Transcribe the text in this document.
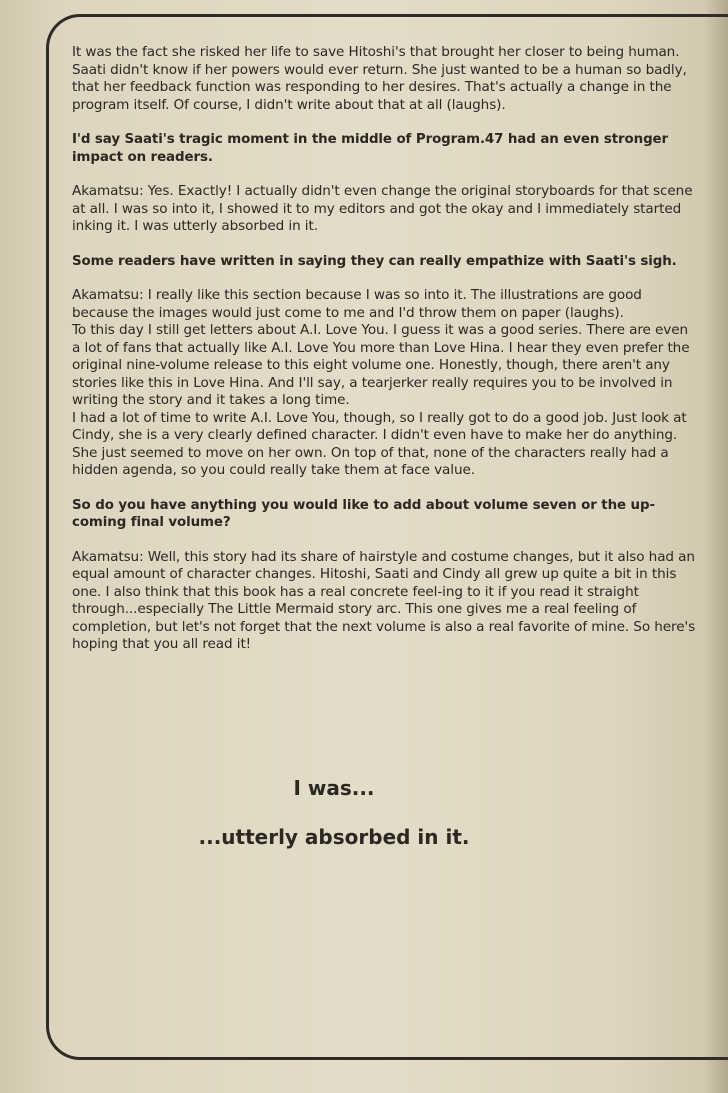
It was the fact she risked her life to save Hitoshi's that brought her closer to being human. Saati didn't know if her powers would ever return. She just wanted to be a human so badly, that her feedback function was responding to her desires. That's actually a change in the program itself. Of course, I didn't write about that at all (laughs).

I'd say Saati's tragic moment in the middle of Program.47 had an even stronger impact on readers.

Akamatsu: Yes. Exactly! I actually didn't even change the original storyboards for that scene at all. I was so into it, I showed it to my editors and got the okay and I immediately started inking it. I was utterly absorbed in it.

Some readers have written in saying they can really empathize with Saati's sigh.

Akamatsu: I really like this section because I was so into it. The illustrations are good because the images would just come to me and I'd throw them on paper (laughs).
To this day I still get letters about A.I. Love You. I guess it was a good series. There are even a lot of fans that actually like A.I. Love You more than Love Hina. I hear they even prefer the original nine-volume release to this eight volume one. Honestly, though, there aren't any stories like this in Love Hina. And I'll say, a tearjerker really requires you to be involved in writing the story and it takes a long time.
I had a lot of time to write A.I. Love You, though, so I really got to do a good job. Just look at Cindy, she is a very clearly defined character. I didn't even have to make her do anything. She just seemed to move on her own. On top of that, none of the characters really had a hidden agenda, so you could really take them at face value.

So do you have anything you would like to add about volume seven or the up-coming final volume?

Akamatsu: Well, this story had its share of hairstyle and costume changes, but it also had an equal amount of character changes. Hitoshi, Saati and Cindy all grew up quite a bit in this one. I also think that this book has a real concrete feel-ing to it if you read it straight through...especially The Little Mermaid story arc. This one gives me a real feeling of completion, but let's not forget that the next volume is also a real favorite of mine. So here's hoping that you all read it!

I was...
...utterly absorbed in it.
